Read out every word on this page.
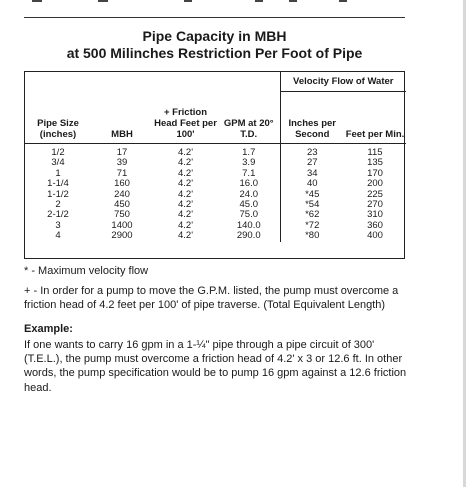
Pipe Capacity in MBH
at 500 Milinches Restriction Per Foot of Pipe
				Velocity Flow of Water	
Pipe Size (inches)	MBH	+ Friction Head Feet per 100'	GPM at 20° T.D.	Inches per Second	Feet per Min.

1/2	17	4.2'	1.7	23	115
3/4	39	4.2'	3.9	27	135
1	71	4.2'	7.1	34	170
1-1/4	160	4.2'	16.0	40	200
1-1/2	240	4.2'	24.0	*45	225
2	450	4.2'	45.0	*54	270
2-1/2	750	4.2'	75.0	*62	310
3	1400	4.2'	140.0	*72	360
4	2900	4.2'	290.0	*80	400

* - Maximum velocity flow

+ - In order for a pump to move the G.P.M. listed, the pump must overcome a friction head of 4.2 feet per 100' of pipe traverse. (Total Equivalent Length)

Example:
If one wants to carry 16 gpm in a 1-¼" pipe through a pipe circuit of 300' (T.E.L.), the pump must overcome a friction head of 4.2' x 3 or 12.6 ft. In other words, the pump specification would be to pump 16 gpm against a 12.6 friction head.
